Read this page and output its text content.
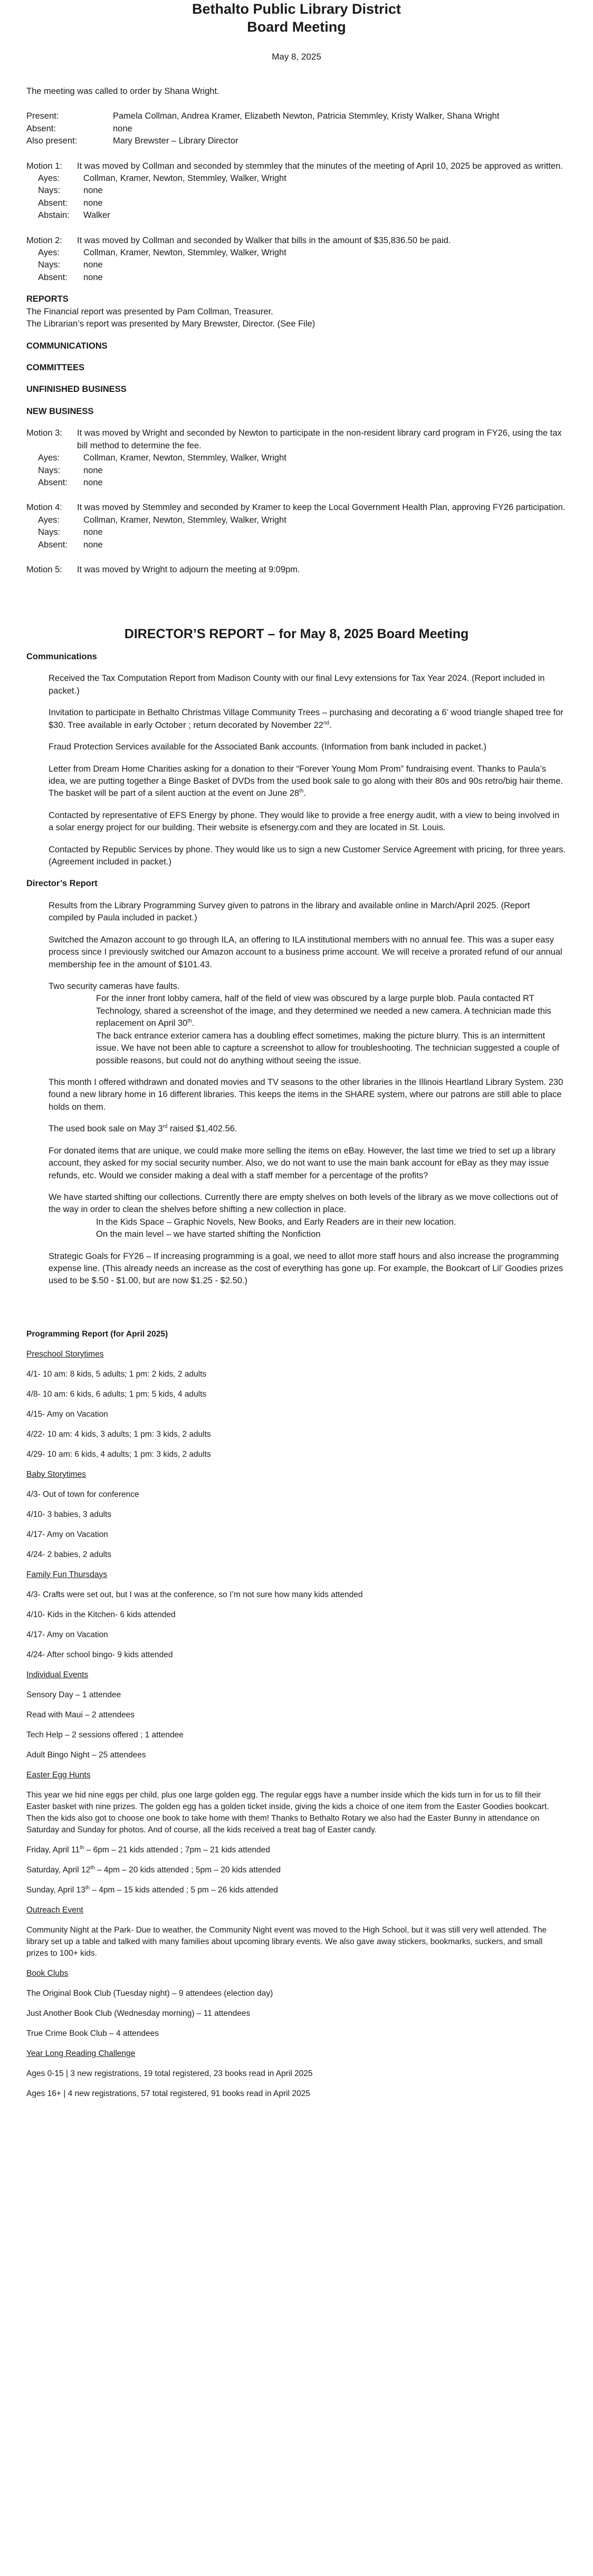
Bethalto Public Library District
Board Meeting
May 8, 2025

The meeting was called to order by Shana Wright.

Present:	Pamela Collman, Andrea Kramer, Elizabeth Newton, Patricia Stemmley, Kristy Walker, Shana Wright
Absent:	none
Also present:	Mary Brewster – Library Director
Motion 1:	It was moved by Collman and seconded by stemmley that the minutes of the meeting of April 10, 2025 be approved as written.
Ayes:	Collman, Kramer, Newton, Stemmley, Walker, Wright
Nays:	none
Absent:	none
Abstain:	Walker
Motion 2:	It was moved by Collman and seconded by Walker that bills in the amount of $35,836.50 be paid.
Ayes:	Collman, Kramer, Newton, Stemmley, Walker, Wright
Nays:	none
Absent:	none

REPORTS

The Financial report was presented by Pam Collman, Treasurer.

The Librarian’s report was presented by Mary Brewster, Director. (See File)

COMMUNICATIONS

COMMITTEES

UNFINISHED BUSINESS

NEW BUSINESS

Motion 3:	It was moved by Wright and seconded by Newton to participate in the non-resident library card program in FY26, using the tax bill method to determine the fee.
Ayes:	Collman, Kramer, Newton, Stemmley, Walker, Wright
Nays:	none
Absent:	none
Motion 4:	It was moved by Stemmley and seconded by Kramer to keep the Local Government Health Plan, approving FY26 participation.
Ayes:	Collman, Kramer, Newton, Stemmley, Walker, Wright
Nays:	none
Absent:	none
Motion 5:	It was moved by Wright to adjourn the meeting at 9:09pm.
DIRECTOR’S REPORT – for May 8, 2025 Board Meeting

Communications

Received the Tax Computation Report from Madison County with our final Levy extensions for Tax Year 2024. (Report included in packet.)
Invitation to participate in Bethalto Christmas Village Community Trees – purchasing and decorating a 6’ wood triangle shaped tree for $30. Tree available in early October ; return decorated by November 22nd.
Fraud Protection Services available for the Associated Bank accounts. (Information from bank included in packet.)
Letter from Dream Home Charities asking for a donation to their “Forever Young Mom Prom” fundraising event. Thanks to Paula’s idea, we are putting together a Binge Basket of DVDs from the used book sale to go along with their 80s and 90s retro/big hair theme. The basket will be part of a silent auction at the event on June 28th.
Contacted by representative of EFS Energy by phone. They would like to provide a free energy audit, with a view to being involved in a solar energy project for our building. Their website is efsenergy.com and they are located in St. Louis.
Contacted by Republic Services by phone. They would like us to sign a new Customer Service Agreement with pricing, for three years. (Agreement included in packet.)

Director’s Report

Results from the Library Programming Survey given to patrons in the library and available online in March/April 2025. (Report compiled by Paula included in packet.)
Switched the Amazon account to go through ILA, an offering to ILA institutional members with no annual fee. This was a super easy process since I previously switched our Amazon account to a business prime account. We will receive a prorated refund of our annual membership fee in the amount of $101.43.
Two security cameras have faults.
For the inner front lobby camera, half of the field of view was obscured by a large purple blob. Paula contacted RT Technology, shared a screenshot of the image, and they determined we needed a new camera. A technician made this replacement on April 30th.
The back entrance exterior camera has a doubling effect sometimes, making the picture blurry. This is an intermittent issue. We have not been able to capture a screenshot to allow for troubleshooting. The technician suggested a couple of possible reasons, but could not do anything without seeing the issue.
This month I offered withdrawn and donated movies and TV seasons to the other libraries in the Illinois Heartland Library System. 230 found a new library home in 16 different libraries. This keeps the items in the SHARE system, where our patrons are still able to place holds on them.
The used book sale on May 3rd raised $1,402.56.
For donated items that are unique, we could make more selling the items on eBay. However, the last time we tried to set up a library account, they asked for my social security number. Also, we do not want to use the main bank account for eBay as they may issue refunds, etc. Would we consider making a deal with a staff member for a percentage of the profits?
We have started shifting our collections. Currently there are empty shelves on both levels of the library as we move collections out of the way in order to clean the shelves before shifting a new collection in place.
In the Kids Space – Graphic Novels, New Books, and Early Readers are in their new location.
On the main level – we have started shifting the Nonfiction
Strategic Goals for FY26 – If increasing programming is a goal, we need to allot more staff hours and also increase the programming expense line. (This already needs an increase as the cost of everything has gone up. For example, the Bookcart of Lil’ Goodies prizes used to be $.50 - $1.00, but are now $1.25 - $2.50.)

Programming Report (for April 2025)

Preschool Storytimes

4/1- 10 am: 8 kids, 5 adults; 1 pm: 2 kids, 2 adults

4/8- 10 am: 6 kids, 6 adults; 1 pm: 5 kids, 4 adults

4/15- Amy on Vacation

4/22- 10 am: 4 kids, 3 adults; 1 pm: 3 kids, 2 adults

4/29- 10 am: 6 kids, 4 adults; 1 pm: 3 kids, 2 adults

Baby Storytimes

4/3- Out of town for conference

4/10- 3 babies, 3 adults

4/17- Amy on Vacation

4/24- 2 babies, 2 adults

Family Fun Thursdays

4/3- Crafts were set out, but I was at the conference, so I’m not sure how many kids attended

4/10- Kids in the Kitchen- 6 kids attended

4/17- Amy on Vacation

4/24- After school bingo- 9 kids attended

Individual Events

Sensory Day – 1 attendee

Read with Maui – 2 attendees

Tech Help – 2 sessions offered ; 1 attendee

Adult Bingo Night – 25 attendees

Easter Egg Hunts

This year we hid nine eggs per child, plus one large golden egg. The regular eggs have a number inside which the kids turn in for us to fill their Easter basket with nine prizes. The golden egg has a golden ticket inside, giving the kids a choice of one item from the Easter Goodies bookcart. Then the kids also got to choose one book to take home with them! Thanks to Bethalto Rotary we also had the Easter Bunny in attendance on Saturday and Sunday for photos. And of course, all the kids received a treat bag of Easter candy.

Friday, April 11th – 6pm – 21 kids attended ; 7pm – 21 kids attended

Saturday, April 12th – 4pm – 20 kids attended ; 5pm – 20 kids attended

Sunday, April 13th – 4pm – 15 kids attended ; 5 pm – 26 kids attended

Outreach Event

Community Night at the Park- Due to weather, the Community Night event was moved to the High School, but it was still very well attended. The library set up a table and talked with many families about upcoming library events. We also gave away stickers, bookmarks, suckers, and small prizes to 100+ kids.

Book Clubs

The Original Book Club (Tuesday night) – 9 attendees (election day)

Just Another Book Club (Wednesday morning) – 11 attendees

True Crime Book Club – 4 attendees

Year Long Reading Challenge

Ages 0-15 | 3 new registrations, 19 total registered, 23 books read in April 2025

Ages 16+ | 4 new registrations, 57 total registered, 91 books read in April 2025
